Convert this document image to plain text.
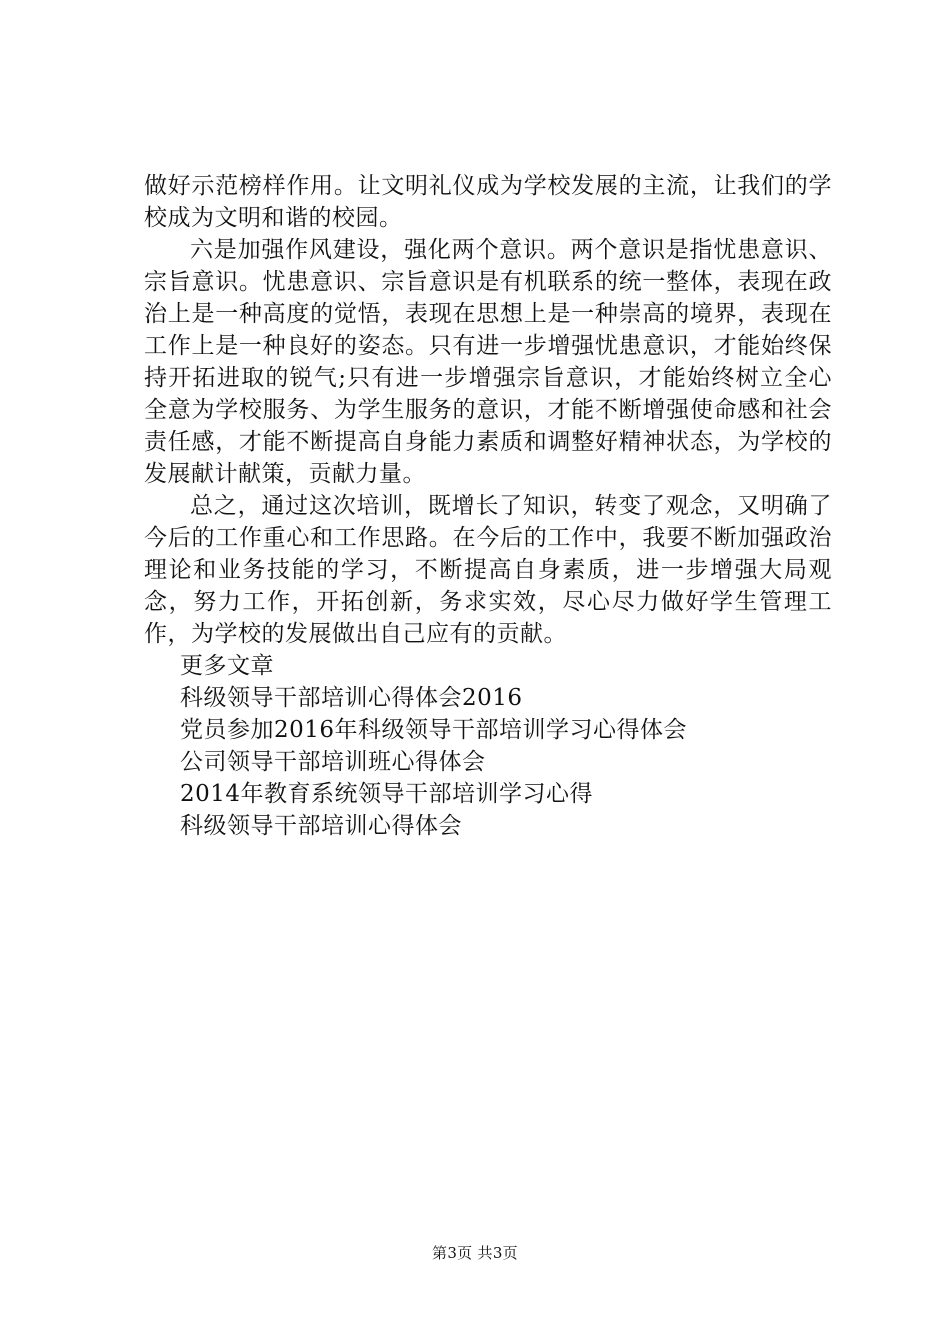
做好示范榜样作用。让文明礼仪成为学校发展的主流，让我们的学校成为文明和谐的校园。

六是加强作风建设，强化两个意识。两个意识是指忧患意识、宗旨意识。忧患意识、宗旨意识是有机联系的统一整体，表现在政治上是一种高度的觉悟，表现在思想上是一种崇高的境界，表现在工作上是一种良好的姿态。只有进一步增强忧患意识，才能始终保持开拓进取的锐气;只有进一步增强宗旨意识，才能始终树立全心全意为学校服务、为学生服务的意识，才能不断增强使命感和社会责任感，才能不断提高自身能力素质和调整好精神状态，为学校的发展献计献策，贡献力量。

总之，通过这次培训，既增长了知识，转变了观念，又明确了今后的工作重心和工作思路。在今后的工作中，我要不断加强政治理论和业务技能的学习，不断提高自身素质，进一步增强大局观念，努力工作，开拓创新，务求实效，尽心尽力做好学生管理工作，为学校的发展做出自己应有的贡献。

更多文章
科级领导干部培训心得体会2016
党员参加2016年科级领导干部培训学习心得体会
公司领导干部培训班心得体会
2014年教育系统领导干部培训学习心得
科级领导干部培训心得体会
第3页 共3页
